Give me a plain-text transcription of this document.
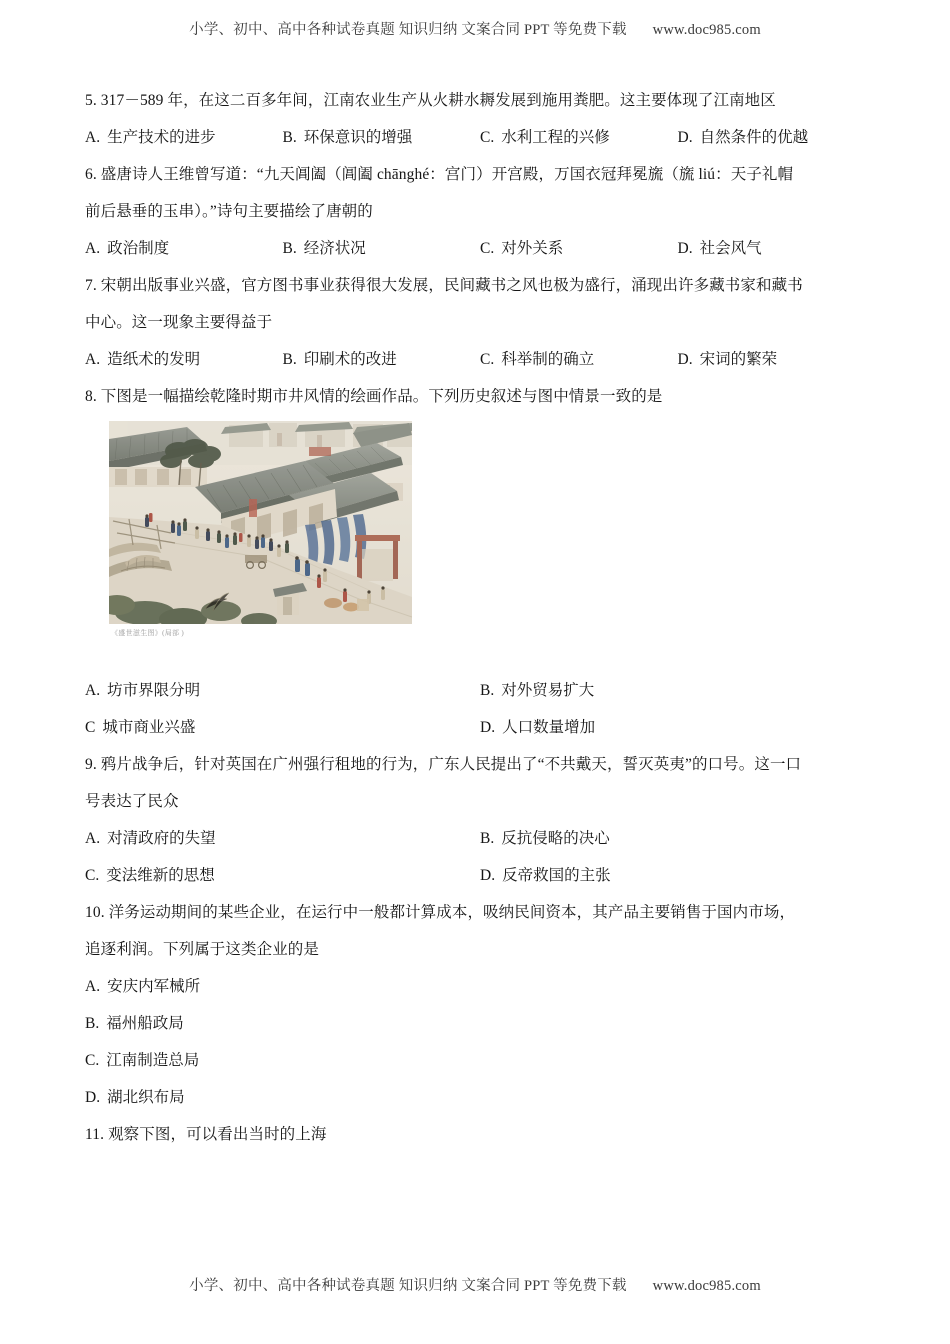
小学、初中、高中各种试卷真题 知识归纳 文案合同 PPT 等免费下载 www.doc985.com
5. 317－589 年，在这二百多年间，江南农业生产从火耕水耨发展到施用粪肥。这主要体现了江南地区
A. 生产技术的进步	B. 环保意识的增强	C. 水利工程的兴修	D. 自然条件的优越
6. 盛唐诗人王维曾写道：“九天阊阖（阊阖 chānghé：宫门）开宫殿，万国衣冠拜冕旒（旒 liú：天子礼帽
前后悬垂的玉串）。”诗句主要描绘了唐朝的
A. 政治制度	B. 经济状况	C. 对外关系	D. 社会风气
7. 宋朝出版事业兴盛，官方图书事业获得很大发展，民间藏书之风也极为盛行，涌现出许多藏书家和藏书
中心。这一现象主要得益于
A. 造纸术的发明	B. 印刷术的改进	C. 科举制的确立	D. 宋词的繁荣
8. 下图是一幅描绘乾隆时期市井风情的绘画作品。下列历史叙述与图中情景一致的是
《盛世滋生图》(局部 )
A. 坊市界限分明	B. 对外贸易扩大
C 城市商业兴盛	D. 人口数量增加
9. 鸦片战争后，针对英国在广州强行租地的行为，广东人民提出了“不共戴天，誓灭英夷”的口号。这一口
号表达了民众
A. 对清政府的失望	B. 反抗侵略的决心
C. 变法维新的思想	D. 反帝救国的主张
10. 洋务运动期间的某些企业，在运行中一般都计算成本，吸纳民间资本，其产品主要销售于国内市场，
追逐利润。下列属于这类企业的是
A. 安庆内军械所
B. 福州船政局
C. 江南制造总局
D. 湖北织布局
11. 观察下图，可以看出当时的上海
小学、初中、高中各种试卷真题 知识归纳 文案合同 PPT 等免费下载 www.doc985.com
